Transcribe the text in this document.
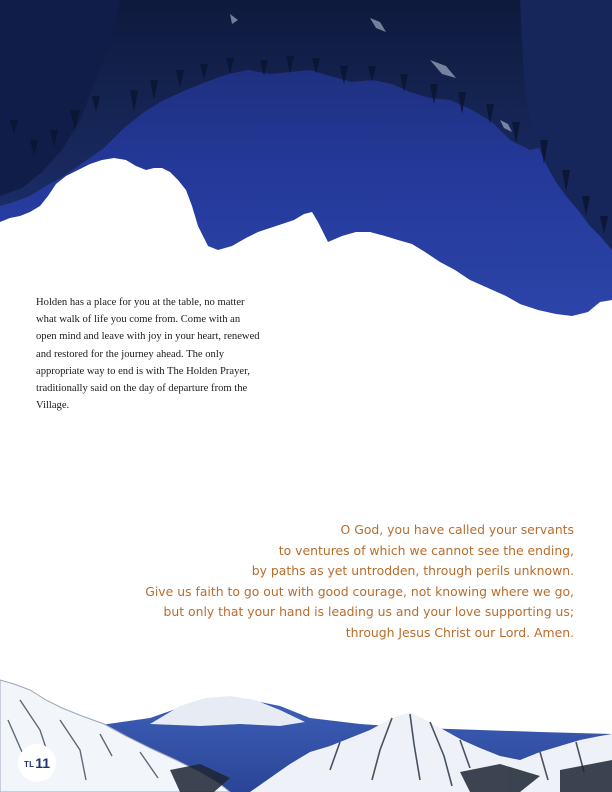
Holden has a place for you at the table, no matter what walk of life you come from. Come with an open mind and leave with joy in your heart, renewed and restored for the journey ahead. The only appropriate way to end is with The Holden Prayer, traditionally said on the day of departure from the Village.

O God, you have called your servants
to ventures of which we cannot see the ending,
by paths as yet untrodden, through perils unknown.
Give us faith to go out with good courage, not knowing where we go,
but only that your hand is leading us and your love supporting us;
through Jesus Christ our Lord. Amen.
TL 11
